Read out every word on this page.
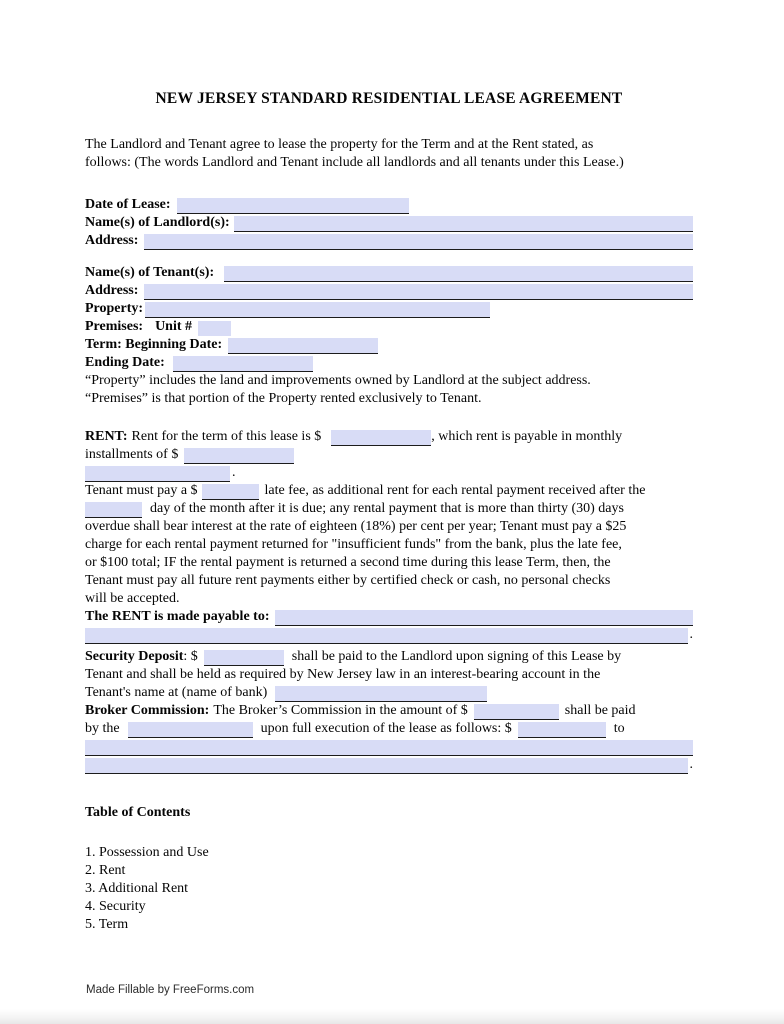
NEW JERSEY STANDARD RESIDENTIAL LEASE AGREEMENT
The Landlord and Tenant agree to lease the property for the Term and at the Rent stated, as
follows: (The words Landlord and Tenant include all landlords and all tenants under this Lease.)
Date of Lease:
Name(s) of Landlord(s):
Address:
Name(s) of Tenant(s):
Address:
Property:
Premises: Unit #
Term: Beginning Date:
Ending Date:
“Property” includes the land and improvements owned by Landlord at the subject address.
“Premises” is that portion of the Property rented exclusively to Tenant.
RENT: Rent for the term of this lease is $	, which rent is payable in monthly
installments of $
.
Tenant must pay a $	late fee, as additional rent for each rental payment received after the
day of the month after it is due; any rental payment that is more than thirty (30) days
overdue shall bear interest at the rate of eighteen (18%) per cent per year; Tenant must pay a $25
charge for each rental payment returned for "insufficient funds" from the bank, plus the late fee,
or $100 total; IF the rental payment is returned a second time during this lease Term, then, the
Tenant must pay all future rent payments either by certified check or cash, no personal checks
will be accepted.
The RENT is made payable to:
.
Security Deposit : $	shall be paid to the Landlord upon signing of this Lease by
Tenant and shall be held as required by New Jersey law in an interest-bearing account in the
Tenant's name at (name of bank)
Broker Commission: The Broker’s Commission in the amount of $	shall be paid
by the	upon full execution of the lease as follows: $	to
.
Table of Contents
1. Possession and Use
2. Rent
3. Additional Rent
4. Security
5. Term
Made Fillable by FreeForms.com
